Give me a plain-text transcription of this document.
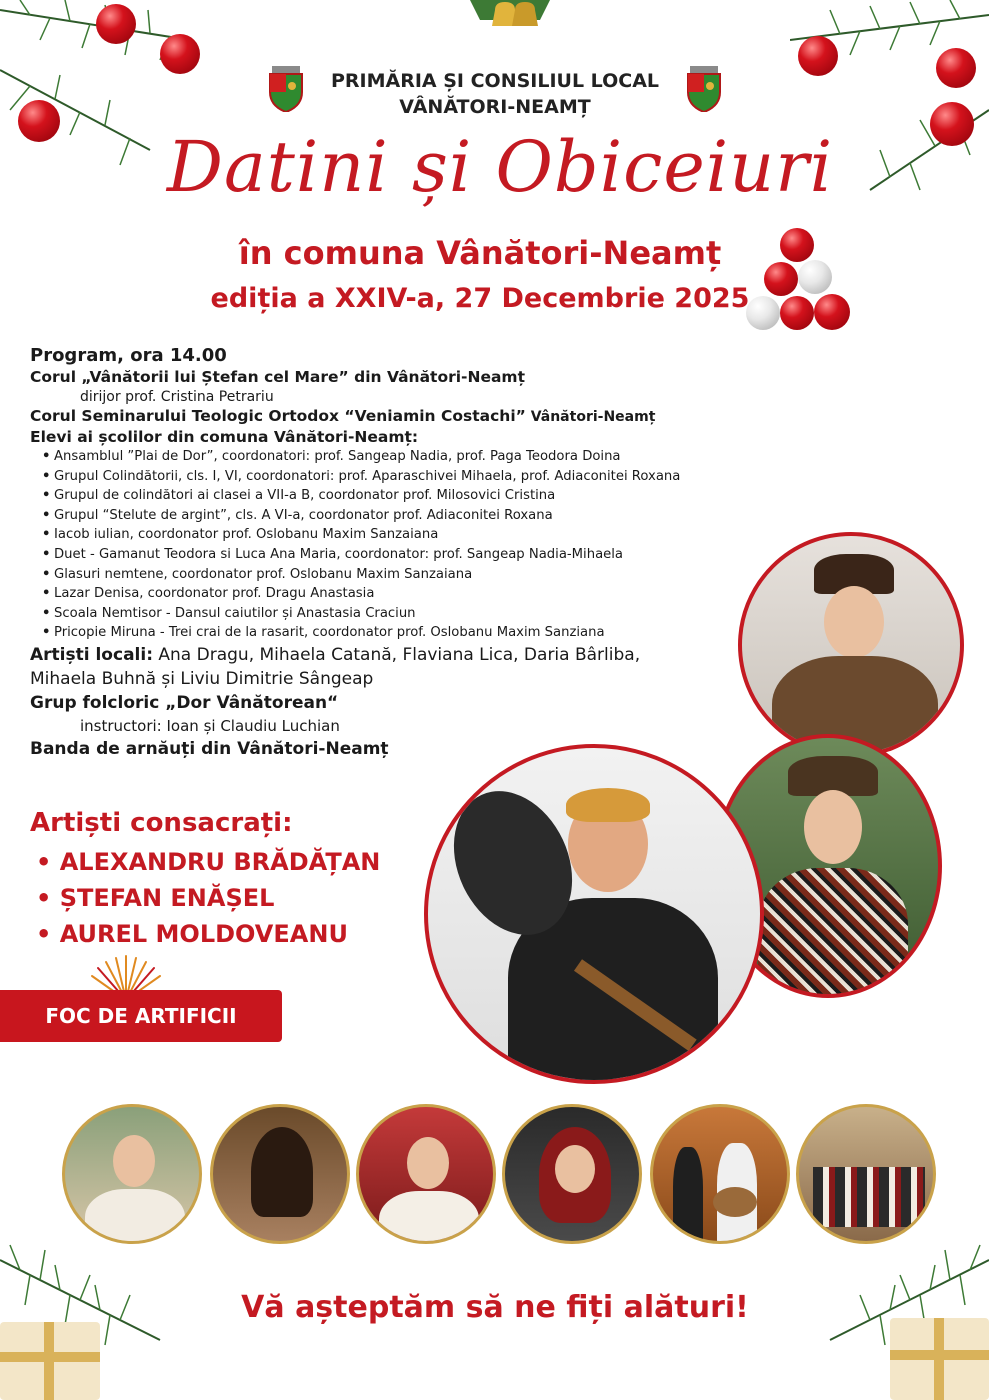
PRIMĂRIA ȘI CONSILIUL LOCAL
VÂNĂTORI-NEAMȚ
Datini și Obiceiuri
în comuna Vânători-Neamț
ediția a XXIV-a, 27 Decembrie 2025
Program, ora 14.00
Corul „Vânătorii lui Ștefan cel Mare” din Vânători-Neamț
dirijor prof. Cristina Petrariu
Corul Seminarului Teologic Ortodox “Veniamin Costachi” Vânători-Neamț
Elevi ai școlilor din comuna Vânători-Neamț:
• Ansamblul ”Plai de Dor”, coordonatori: prof. Sangeap Nadia, prof. Paga Teodora Doina
• Grupul Colindătorii, cls. I, VI, coordonatori: prof. Aparaschivei Mihaela, prof. Adiaconitei Roxana
• Grupul de colindători ai clasei a VII-a B, coordonator prof. Milosovici Cristina
• Grupul “Stelute de argint”, cls. A VI-a, coordonator prof. Adiaconitei Roxana
• Iacob iulian, coordonator prof. Oslobanu Maxim Sanzaiana
• Duet - Gamanut Teodora si Luca Ana Maria, coordonator: prof. Sangeap Nadia-Mihaela
• Glasuri nemtene, coordonator prof. Oslobanu Maxim Sanzaiana
• Lazar Denisa, coordonator prof. Dragu Anastasia
• Scoala Nemtisor - Dansul caiutilor și Anastasia Craciun
• Pricopie Miruna - Trei crai de la rasarit, coordonator prof. Oslobanu Maxim Sanziana
Artiști locali: Ana Dragu, Mihaela Catană, Flaviana Lica, Daria Bârliba,
Mihaela Buhnă și Liviu Dimitrie Sângeap
Grup folcloric „Dor Vânătorean“
instructori: Ioan și Claudiu Luchian
Banda de arnăuți din Vânători-Neamț
Artiști consacrați:
• ALEXANDRU BRĂDĂȚAN
• ȘTEFAN ENĂȘEL
• AUREL MOLDOVEANU
FOC DE ARTIFICII
Vă așteptăm să ne fiți alături!
